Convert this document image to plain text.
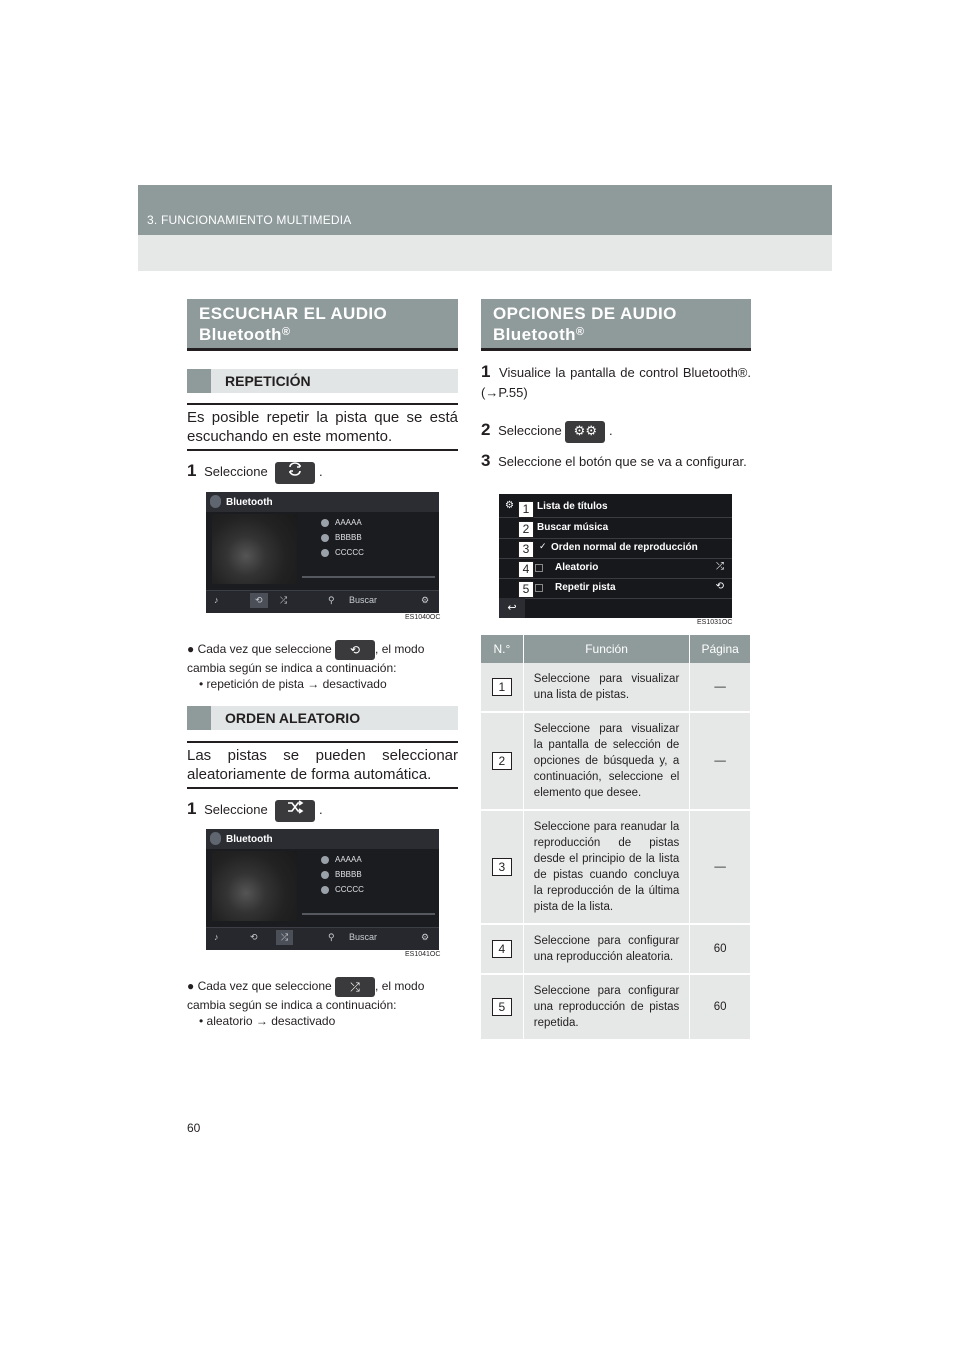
3. FUNCIONAMIENTO MULTIMEDIA
ESCUCHAR EL AUDIO
Bluetooth®
REPETICIÓN
Es posible repetir la pista que se está escuchando en este momento.
1 Seleccione	.
Bluetooth
AAAAA
BBBBB
CCCCC
♪	⟲	⤮	⚲ Buscar	⚙
ES1040OC
● Cada vez que seleccione ⟲ , el modo cambia según se indica a continuación:
• repetición de pista → desactivado
ORDEN ALEATORIO
Las pistas se pueden seleccionar aleatoriamente de forma automática.
1 Seleccione	.
Bluetooth
AAAAA
BBBBB
CCCCC
♪	⟲	⤮	⚲ Buscar	⚙
ES1041OC
● Cada vez que seleccione ⤮ , el modo cambia según se indica a continuación:
• aleatorio → desactivado
OPCIONES DE AUDIO
Bluetooth®
1 Visualice la pantalla de control Bluetooth®. (→P.55)
2 Seleccione ⚙⚙ .
3 Seleccione el botón que se va a configurar.
⚙ Lista de títulos
Buscar música
✓ Orden normal de reproducción
Aleatorio	⤮
Repetir pista	⟲
↩
1
2
3
4
5
ES1031OC
N.°	Función	Página
1	Seleccione para visualizar una lista de pistas.	—
2	Seleccione para visualizar la pantalla de selección de opciones de búsqueda y, a continuación, seleccione el elemento que desee.	—
3	Seleccione para reanudar la reproducción de pistas desde el principio de la lista de pistas cuando concluya la reproducción de la última pista de la lista.	—
4	Seleccione para configurar una reproducción aleatoria.	60
5	Seleccione para configurar una reproducción de pistas repetida.	60
60
